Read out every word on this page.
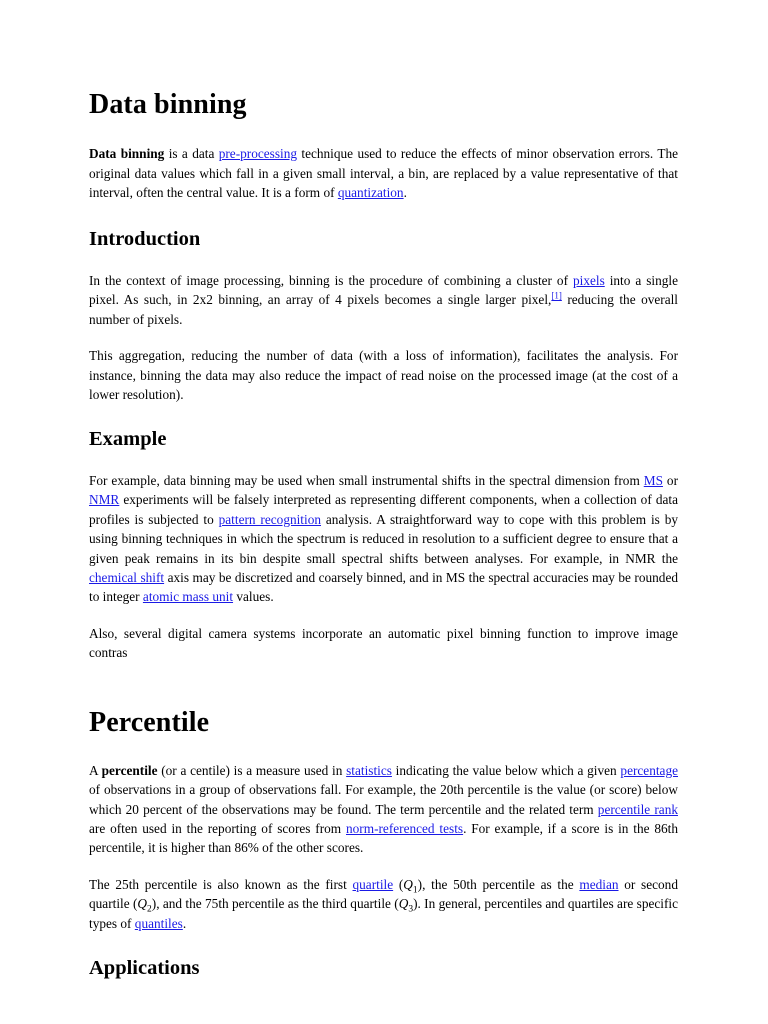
Data binning

Data binning is a data pre-processing technique used to reduce the effects of minor observation errors. The original data values which fall in a given small interval, a bin, are replaced by a value representative of that interval, often the central value. It is a form of quantization.

Introduction

In the context of image processing, binning is the procedure of combining a cluster of pixels into a single pixel. As such, in 2x2 binning, an array of 4 pixels becomes a single larger pixel,[1] reducing the overall number of pixels.

This aggregation, reducing the number of data (with a loss of information), facilitates the analysis. For instance, binning the data may also reduce the impact of read noise on the processed image (at the cost of a lower resolution).

Example

For example, data binning may be used when small instrumental shifts in the spectral dimension from MS or NMR experiments will be falsely interpreted as representing different components, when a collection of data profiles is subjected to pattern recognition analysis. A straightforward way to cope with this problem is by using binning techniques in which the spectrum is reduced in resolution to a sufficient degree to ensure that a given peak remains in its bin despite small spectral shifts between analyses. For example, in NMR the chemical shift axis may be discretized and coarsely binned, and in MS the spectral accuracies may be rounded to integer atomic mass unit values.

Also, several digital camera systems incorporate an automatic pixel binning function to improve image contras

Percentile

A percentile (or a centile) is a measure used in statistics indicating the value below which a given percentage of observations in a group of observations fall. For example, the 20th percentile is the value (or score) below which 20 percent of the observations may be found. The term percentile and the related term percentile rank are often used in the reporting of scores from norm-referenced tests. For example, if a score is in the 86th percentile, it is higher than 86% of the other scores.

The 25th percentile is also known as the first quartile $(Q_1)$, the 50th percentile as the median or second quartile $(Q_2)$, and the 75th percentile as the third quartile $(Q_3)$. In general, percentiles and quartiles are specific types of quantiles.

Applications
